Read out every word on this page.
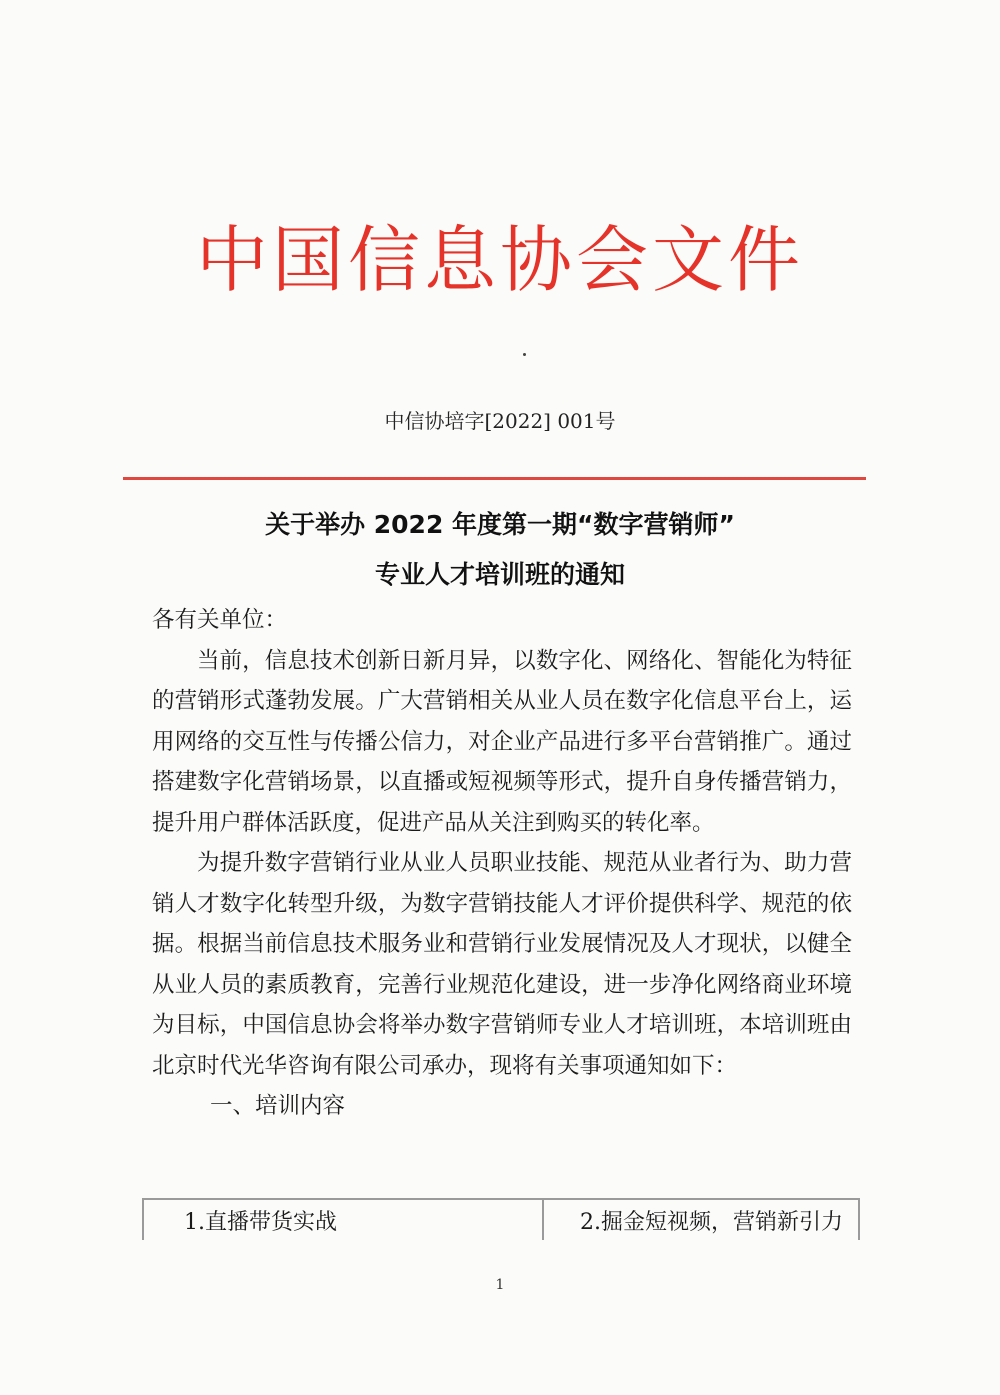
中国信息协会文件
中信协培字[2022] 001号
关于举办 2022 年度第一期“数字营销师”
专业人才培训班的通知

各有关单位：

当前，信息技术创新日新月异，以数字化、网络化、智能化为特征的营销形式蓬勃发展。广大营销相关从业人员在数字化信息平台上，运用网络的交互性与传播公信力，对企业产品进行多平台营销推广。通过搭建数字化营销场景，以直播或短视频等形式，提升自身传播营销力，提升用户群体活跃度，促进产品从关注到购买的转化率。

为提升数字营销行业从业人员职业技能、规范从业者行为、助力营销人才数字化转型升级，为数字营销技能人才评价提供科学、规范的依据。根据当前信息技术服务业和营销行业发展情况及人才现状，以健全从业人员的素质教育，完善行业规范化建设，进一步净化网络商业环境为目标，中国信息协会将举办数字营销师专业人才培训班，本培训班由北京时代光华咨询有限公司承办，现将有关事项通知如下：

一、培训内容

1.直播带货实战	2.掘金短视频，营销新引力
1
